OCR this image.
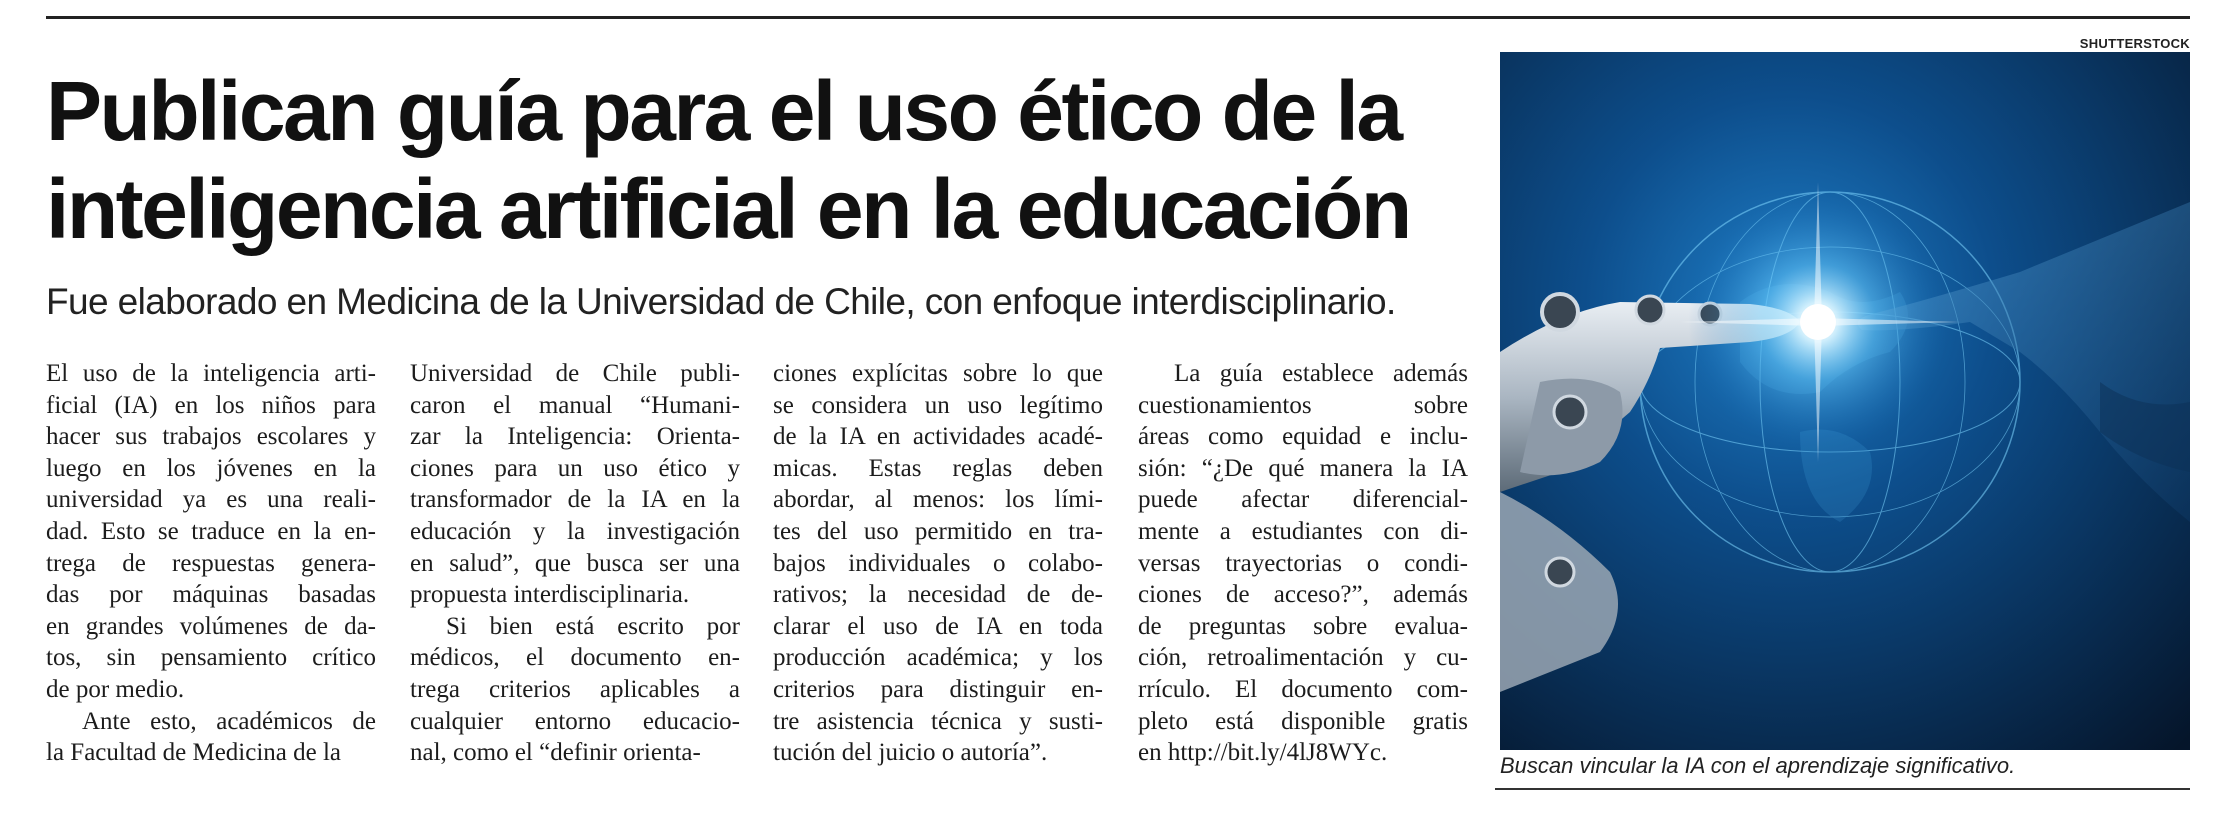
Publican guía para el uso ético de la
inteligencia artificial en la educación
Fue elaborado en Medicina de la Universidad de Chile, con enfoque interdisciplinario.
El uso de la inteligencia arti-
ficial (IA) en los niños para
hacer sus trabajos escolares y
luego en los jóvenes en la
universidad ya es una reali-
dad. Esto se traduce en la en-
trega de respuestas genera-
das por máquinas basadas
en grandes volúmenes de da-
tos, sin pensamiento crítico
de por medio.
Ante esto, académicos de
la Facultad de Medicina de la
Universidad de Chile publi-
caron el manual “Humani-
zar la Inteligencia: Orienta-
ciones para un uso ético y
transformador de la IA en la
educación y la investigación
en salud”, que busca ser una
propuesta interdisciplinaria.
Si bien está escrito por
médicos, el documento en-
trega criterios aplicables a
cualquier entorno educacio-
nal, como el “definir orienta-
ciones explícitas sobre lo que
se considera un uso legítimo
de la IA en actividades acadé-
micas. Estas reglas deben
abordar, al menos: los lími-
tes del uso permitido en tra-
bajos individuales o colabo-
rativos; la necesidad de de-
clarar el uso de IA en toda
producción académica; y los
criterios para distinguir en-
tre asistencia técnica y susti-
tución del juicio o autoría”.
La guía establece además
cuestionamientos sobre
áreas como equidad e inclu-
sión: “¿De qué manera la IA
puede afectar diferencial-
mente a estudiantes con di-
versas trayectorias o condi-
ciones de acceso?”, además
de preguntas sobre evalua-
ción, retroalimentación y cu-
rrículo. El documento com-
pleto está disponible gratis
en http://bit.ly/4lJ8WYc.
SHUTTERSTOCK
Buscan vincular la IA con el aprendizaje significativo.
